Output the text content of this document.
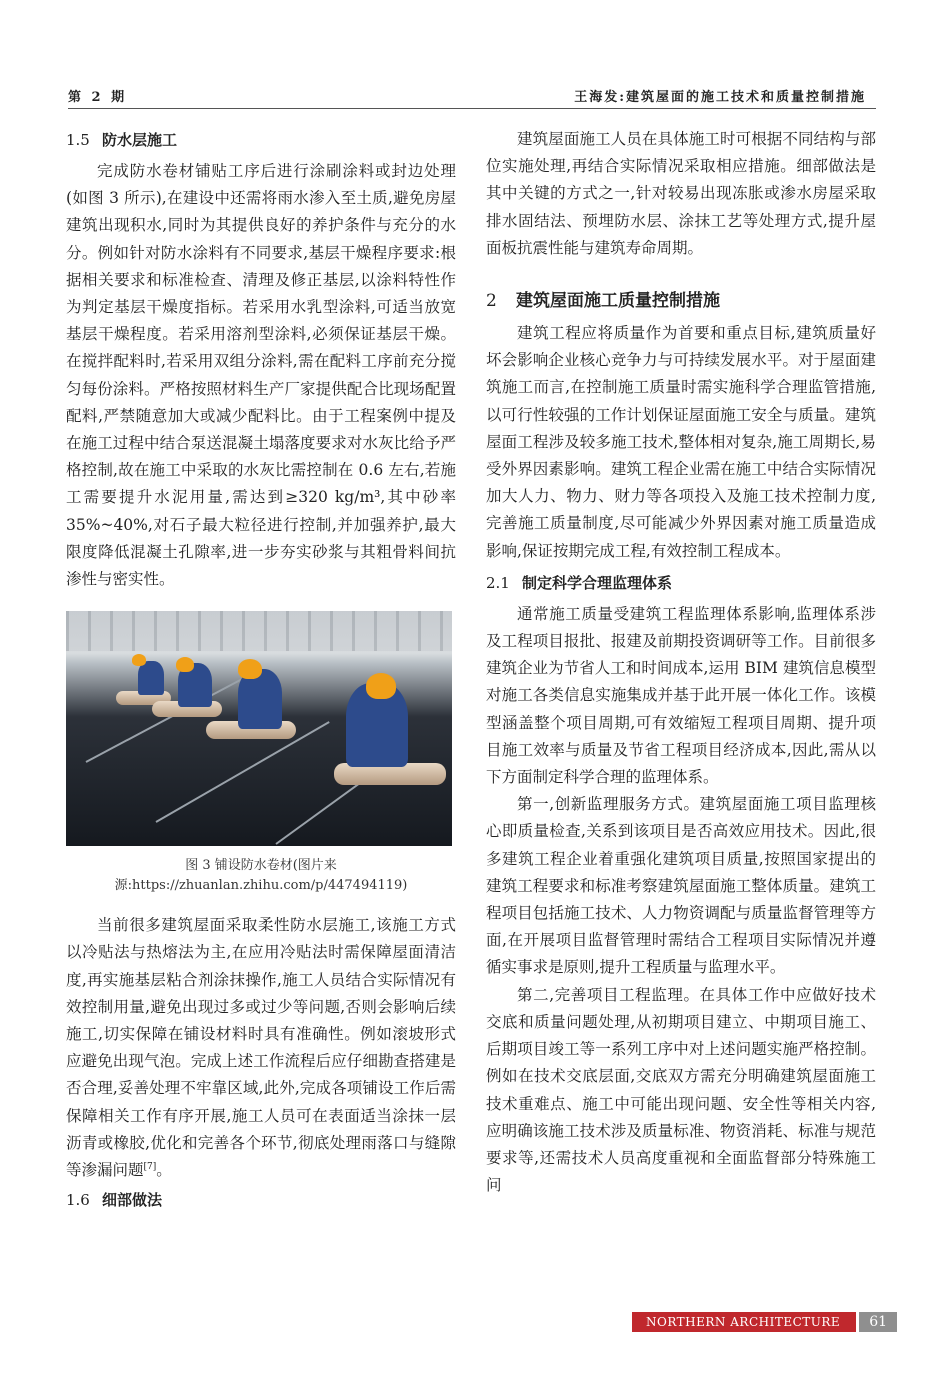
第 2 期	王海发:建筑屋面的施工技术和质量控制措施
1.5 防水层施工

完成防水卷材铺贴工序后进行涂刷涂料或封边处理(如图 3 所示),在建设中还需将雨水渗入至土质,避免房屋建筑出现积水,同时为其提供良好的养护条件与充分的水分。例如针对防水涂料有不同要求,基层干燥程序要求:根据相关要求和标准检查、清理及修正基层,以涂料特性作为判定基层干燥度指标。若采用水乳型涂料,可适当放宽基层干燥程度。若采用溶剂型涂料,必须保证基层干燥。在搅拌配料时,若采用双组分涂料,需在配料工序前充分搅匀每份涂料。严格按照材料生产厂家提供配合比现场配置配料,严禁随意加大或减少配料比。由于工程案例中提及在施工过程中结合泵送混凝土塌落度要求对水灰比给予严格控制,故在施工中采取的水灰比需控制在 0.6 左右,若施工需要提升水泥用量,需达到≥320 kg/m³,其中砂率 35%~40%,对石子最大粒径进行控制,并加强养护,最大限度降低混凝土孔隙率,进一步夯实砂浆与其粗骨料间抗渗性与密实性。

图 3 铺设防水卷材(图片来源:https://zhuanlan.zhihu.com/p/447494119)

当前很多建筑屋面采取柔性防水层施工,该施工方式以冷贴法与热熔法为主,在应用冷贴法时需保障屋面清洁度,再实施基层粘合剂涂抹操作,施工人员结合实际情况有效控制用量,避免出现过多或过少等问题,否则会影响后续施工,切实保障在铺设材料时具有准确性。例如滚坡形式应避免出现气泡。完成上述工作流程后应仔细勘查搭建是否合理,妥善处理不牢靠区域,此外,完成各项铺设工作后需保障相关工作有序开展,施工人员可在表面适当涂抹一层沥青或橡胶,优化和完善各个环节,彻底处理雨落口与缝隙等渗漏问题[7]。

1.6 细部做法

建筑屋面施工人员在具体施工时可根据不同结构与部位实施处理,再结合实际情况采取相应措施。细部做法是其中关键的方式之一,针对较易出现冻胀或渗水房屋采取排水固结法、预埋防水层、涂抹工艺等处理方式,提升屋面板抗震性能与建筑寿命周期。

2 建筑屋面施工质量控制措施

建筑工程应将质量作为首要和重点目标,建筑质量好坏会影响企业核心竞争力与可持续发展水平。对于屋面建筑施工而言,在控制施工质量时需实施科学合理监管措施,以可行性较强的工作计划保证屋面施工安全与质量。建筑屋面工程涉及较多施工技术,整体相对复杂,施工周期长,易受外界因素影响。建筑工程企业需在施工中结合实际情况加大人力、物力、财力等各项投入及施工技术控制力度,完善施工质量制度,尽可能减少外界因素对施工质量造成影响,保证按期完成工程,有效控制工程成本。

2.1 制定科学合理监理体系

通常施工质量受建筑工程监理体系影响,监理体系涉及工程项目报批、报建及前期投资调研等工作。目前很多建筑企业为节省人工和时间成本,运用 BIM 建筑信息模型对施工各类信息实施集成并基于此开展一体化工作。该模型涵盖整个项目周期,可有效缩短工程项目周期、提升项目施工效率与质量及节省工程项目经济成本,因此,需从以下方面制定科学合理的监理体系。

第一,创新监理服务方式。建筑屋面施工项目监理核心即质量检查,关系到该项目是否高效应用技术。因此,很多建筑工程企业着重强化建筑项目质量,按照国家提出的建筑工程要求和标准考察建筑屋面施工整体质量。建筑工程项目包括施工技术、人力物资调配与质量监督管理等方面,在开展项目监督管理时需结合工程项目实际情况并遵循实事求是原则,提升工程质量与监理水平。

第二,完善项目工程监理。在具体工作中应做好技术交底和质量问题处理,从初期项目建立、中期项目施工、后期项目竣工等一系列工序中对上述问题实施严格控制。例如在技术交底层面,交底双方需充分明确建筑屋面施工技术重难点、施工中可能出现问题、安全性等相关内容,应明确该施工技术涉及质量标准、物资消耗、标准与规范要求等,还需技术人员高度重视和全面监督部分特殊施工问

NORTHERN ARCHITECTURE	61
